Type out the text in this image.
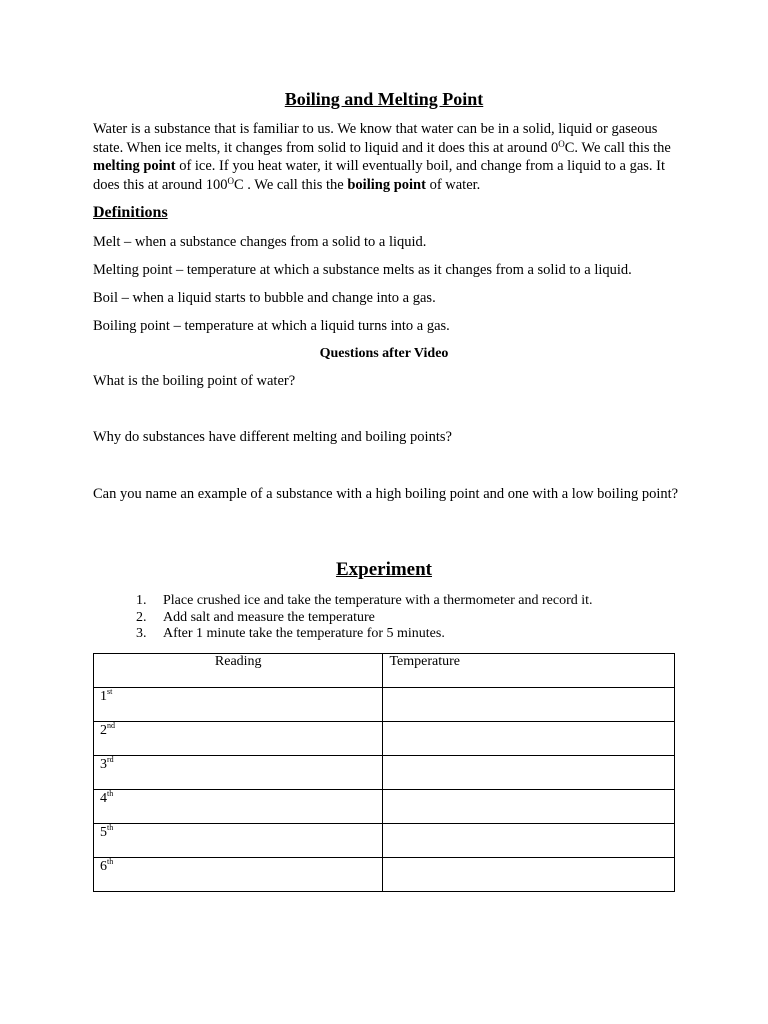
Boiling and Melting Point

Water is a substance that is familiar to us. We know that water can be in a solid, liquid or gaseous state. When ice melts, it changes from solid to liquid and it does this at around $0^OC$. We call this the melting point of ice. If you heat water, it will eventually boil, and change from a liquid to a gas. It does this at around $100^OC$ . We call this the boiling point of water.

Definitions

Melt – when a substance changes from a solid to a liquid.

Melting point – temperature at which a substance melts as it changes from a solid to a liquid.

Boil – when a liquid starts to bubble and change into a gas.

Boiling point – temperature at which a liquid turns into a gas.

Questions after Video

What is the boiling point of water?

Why do substances have different melting and boiling points?

Can you name an example of a substance with a high boiling point and one with a low boiling point?

Experiment
1.	Place crushed ice and take the temperature with a thermometer and record it.
2.	Add salt and measure the temperature
3.	After 1 minute take the temperature for 5 minutes.
Reading	Temperature
1st	
2nd	
3rd	
4th	
5th	
6th	
